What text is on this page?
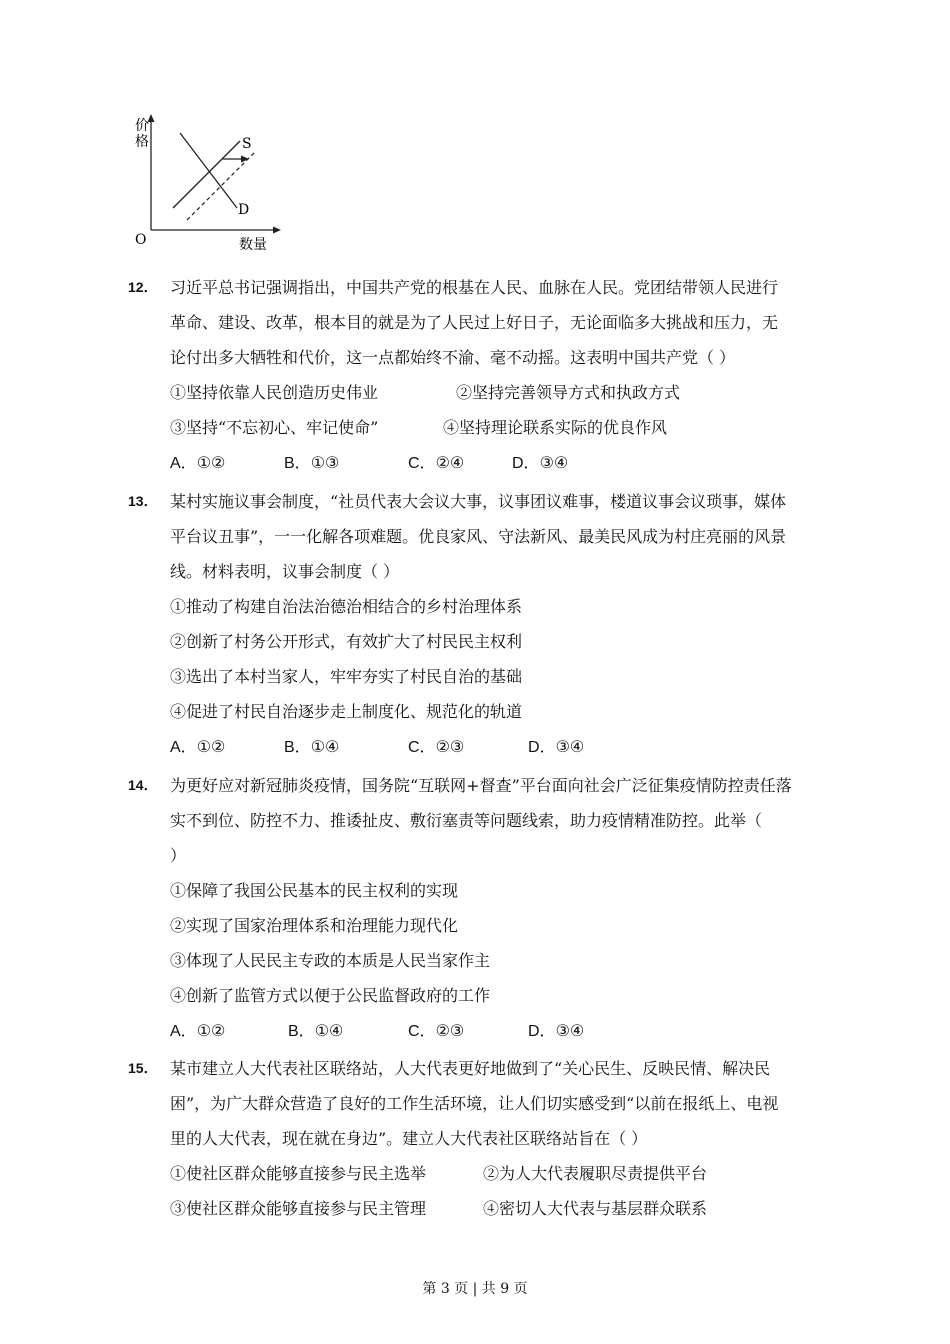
价
格
O	数量
S
D
12． 习近平总书记强调指出，中国共产党的根基在人民、血脉在人民。党团结带领人民进行
革命、建设、改革，根本目的就是为了人民过上好日子，无论面临多大挑战和压力，无
论付出多大牺牲和代价，这一点都始终不渝、毫不动摇。这表明中国共产党（ ）
①坚持依靠人民创造历史伟业	②坚持完善领导方式和执政方式
③坚持“不忘初心、牢记使命”	④坚持理论联系实际的优良作风
A．①②	B．①③	C．②④	D．③④
13． 某村实施议事会制度，“社员代表大会议大事，议事团议难事，楼道议事会议琐事，媒体
平台议丑事”，一一化解各项难题。优良家风、守法新风、最美民风成为村庄亮丽的风景
线。材料表明，议事会制度（ ）
①推动了构建自治法治德治相结合的乡村治理体系
②创新了村务公开形式，有效扩大了村民民主权利
③选出了本村当家人，牢牢夯实了村民自治的基础
④促进了村民自治逐步走上制度化、规范化的轨道
A．①②	B．①④	C．②③	D．③④
14． 为更好应对新冠肺炎疫情，国务院“互联网+督查”平台面向社会广泛征集疫情防控责任落
实不到位、防控不力、推诿扯皮、敷衍塞责等问题线索，助力疫情精准防控。此举（
）
①保障了我国公民基本的民主权利的实现
②实现了国家治理体系和治理能力现代化
③体现了人民民主专政的本质是人民当家作主
④创新了监管方式以便于公民监督政府的工作
A．①②	B．①④	C．②③	D．③④
15． 某市建立人大代表社区联络站，人大代表更好地做到了“关心民生、反映民情、解决民
困”，为广大群众营造了良好的工作生活环境，让人们切实感受到“以前在报纸上、电视
里的人大代表，现在就在身边”。建立人大代表社区联络站旨在（ ）
①使社区群众能够直接参与民主选举	②为人大代表履职尽责提供平台
③使社区群众能够直接参与民主管理	④密切人大代表与基层群众联系
第 3 页 | 共 9 页
